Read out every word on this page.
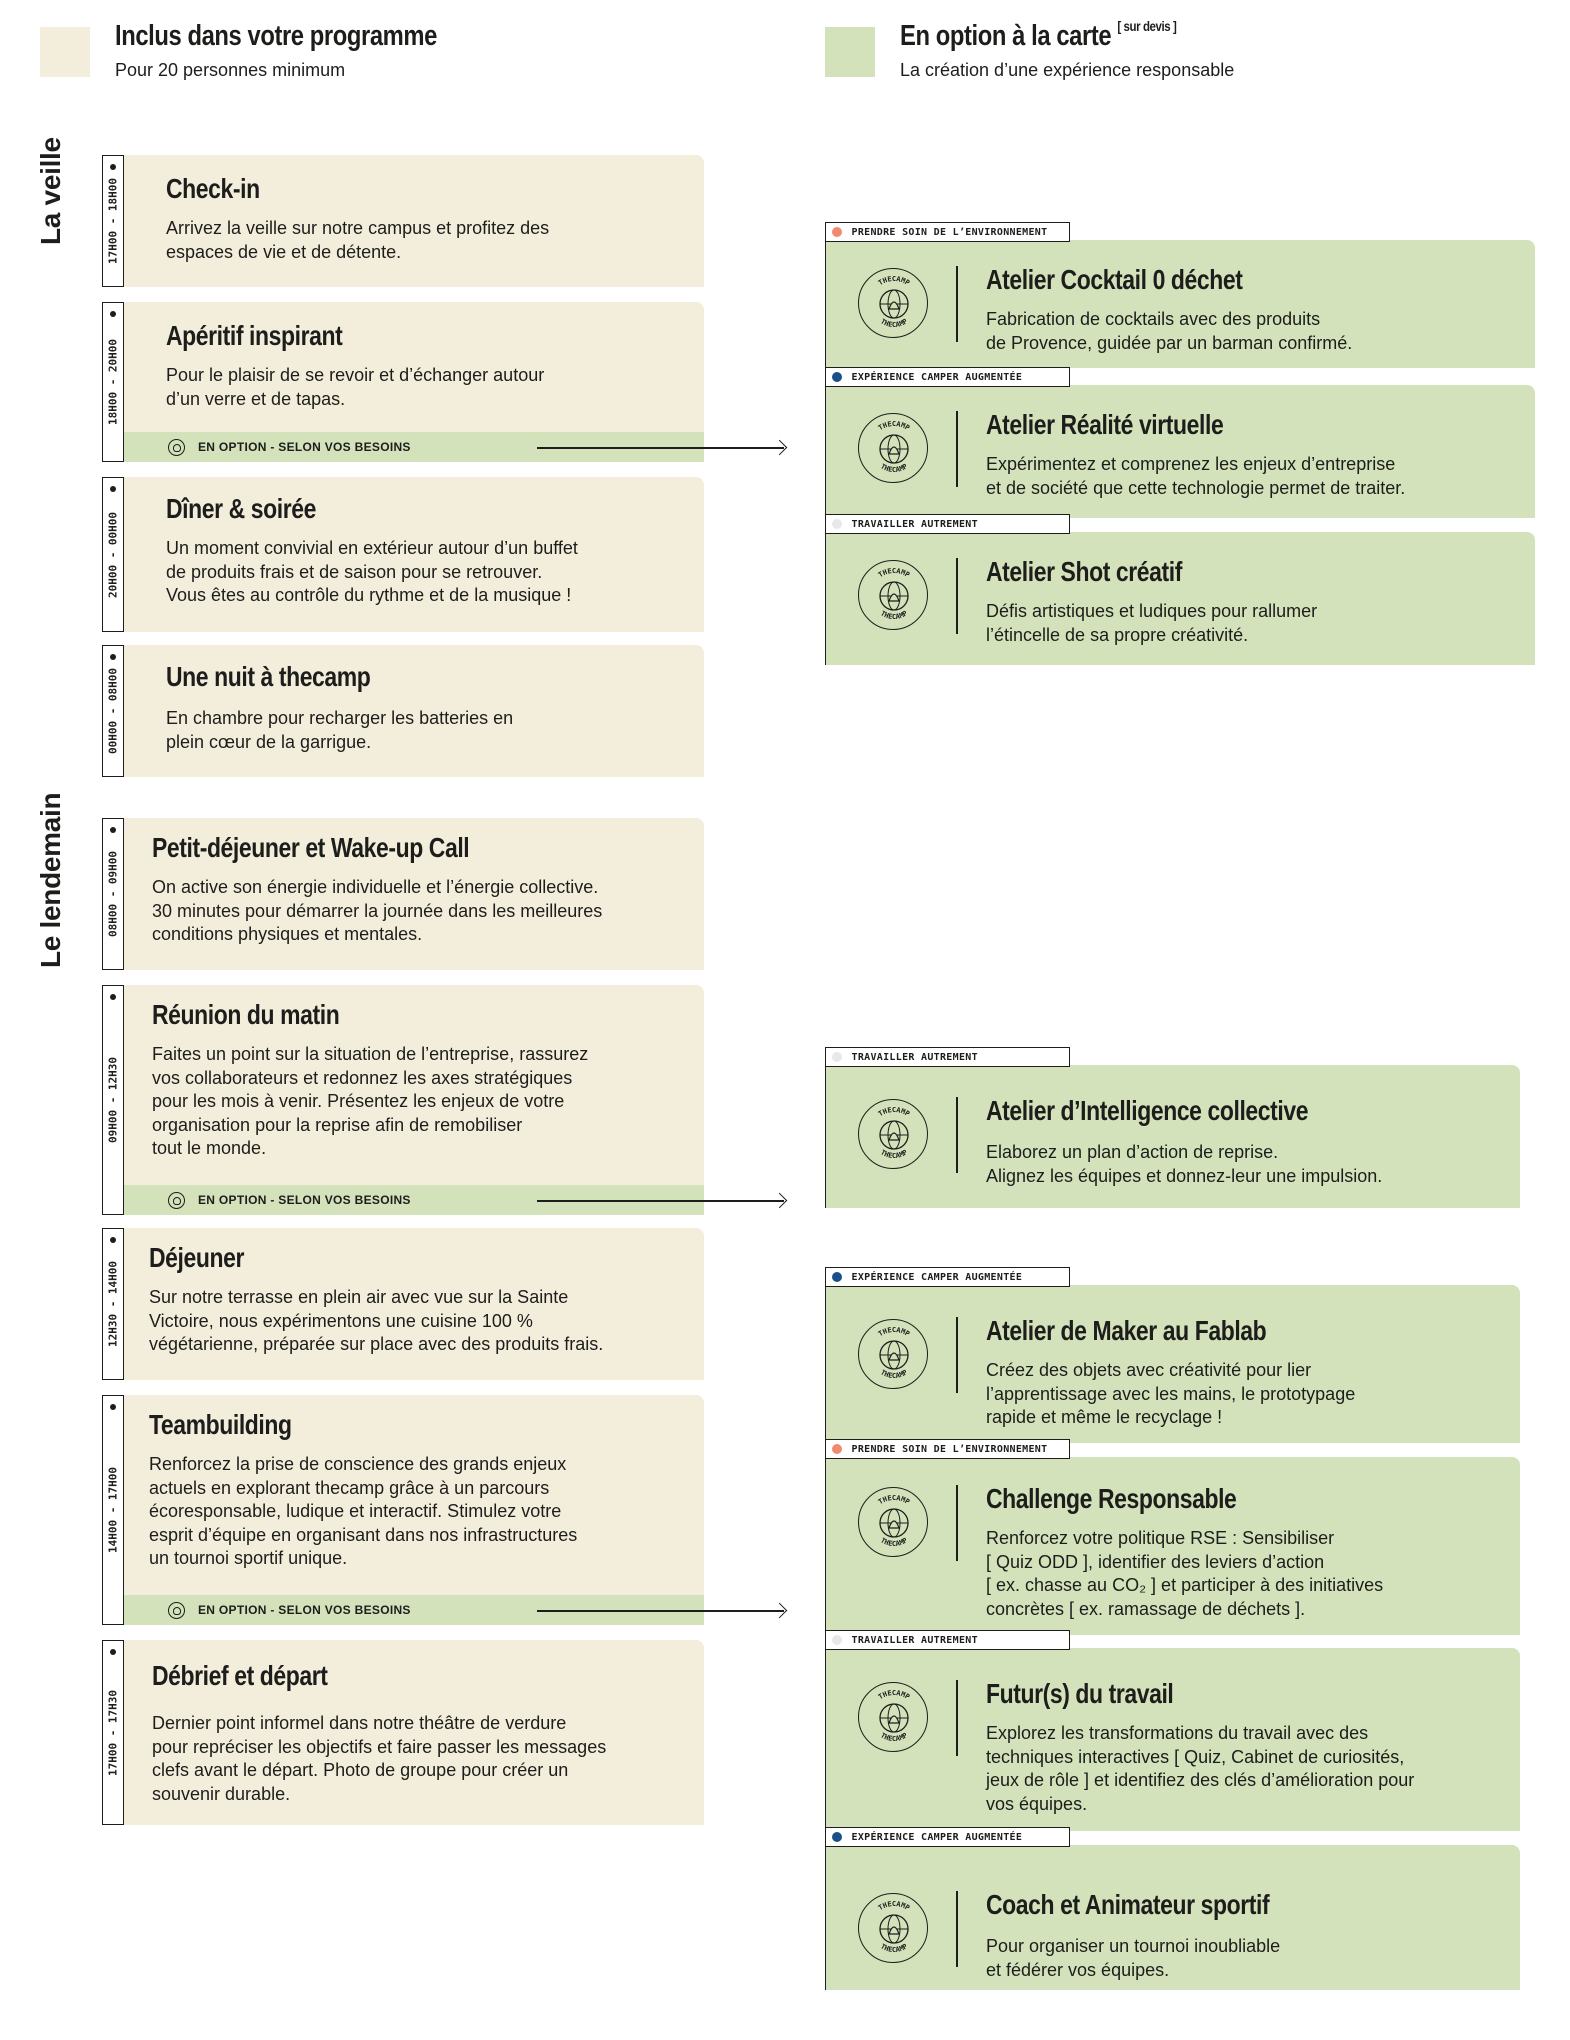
Inclus dans votre programme
Pour 20 personnes minimum
En option à la carte [ sur devis ]
La création d’une expérience responsable
La veille
Le lendemain
17H00 - 18H00 Check-in
Arrivez la veille sur notre campus et profitez des
espaces de vie et de détente.
18H00 - 20H00
Apéritif inspirant
Pour le plaisir de se revoir et d’échanger autour
d’un verre et de tapas.
EN OPTION - SELON VOS BESOINS
20H00 - 00H00
Dîner & soirée
Un moment convivial en extérieur autour d’un buffet
de produits frais et de saison pour se retrouver.
Vous êtes au contrôle du rythme et de la musique !
00H00 - 08H00 Une nuit à thecamp
En chambre pour recharger les batteries en
plein cœur de la garrigue.
08H00 - 09H00
Petit-déjeuner et Wake-up Call
On active son énergie individuelle et l’énergie collective.
30 minutes pour démarrer la journée dans les meilleures
conditions physiques et mentales.
09H00 - 12H30
Réunion du matin
Faites un point sur la situation de l’entreprise, rassurez
vos collaborateurs et redonnez les axes stratégiques
pour les mois à venir. Présentez les enjeux de votre
organisation pour la reprise afin de remobiliser
tout le monde.
EN OPTION - SELON VOS BESOINS
12H30 - 14H00
Déjeuner
Sur notre terrasse en plein air avec vue sur la Sainte
Victoire, nous expérimentons une cuisine 100 %
végétarienne, préparée sur place avec des produits frais.
14H00 - 17H00
Teambuilding
Renforcez la prise de conscience des grands enjeux
actuels en explorant thecamp grâce à un parcours
écoresponsable, ludique et interactif. Stimulez votre
esprit d’équipe en organisant dans nos infrastructures
un tournoi sportif unique.
EN OPTION - SELON VOS BESOINS
17H00 - 17H30
Débrief et départ
Dernier point informel dans notre théâtre de verdure
pour repréciser les objectifs et faire passer les messages
clefs avant le départ. Photo de groupe pour créer un
souvenir durable.
PRENDRE SOIN DE L’ENVIRONNEMENT
THECAMP
THECAMP
Atelier Cocktail 0 déchet
Fabrication de cocktails avec des produits
de Provence, guidée par un barman confirmé.
EXPÉRIENCE CAMPER AUGMENTÉE
THECAMP
THECAMP
Atelier Réalité virtuelle
Expérimentez et comprenez les enjeux d’entreprise
et de société que cette technologie permet de traiter.
TRAVAILLER AUTREMENT
THECAMP
THECAMP
Atelier Shot créatif
Défis artistiques et ludiques pour rallumer
l’étincelle de sa propre créativité.
TRAVAILLER AUTREMENT
THECAMP
THECAMP
Atelier d’Intelligence collective
Elaborez un plan d’action de reprise.
Alignez les équipes et donnez-leur une impulsion.
EXPÉRIENCE CAMPER AUGMENTÉE
THECAMP
THECAMP
Atelier de Maker au Fablab
Créez des objets avec créativité pour lier
l’apprentissage avec les mains, le prototypage
rapide et même le recyclage !
PRENDRE SOIN DE L’ENVIRONNEMENT
THECAMP
THECAMP
Challenge Responsable
Renforcez votre politique RSE : Sensibiliser
[ Quiz ODD ], identifier des leviers d’action
[ ex. chasse au CO₂ ] et participer à des initiatives
concrètes [ ex. ramassage de déchets ].
TRAVAILLER AUTREMENT
THECAMP
THECAMP
Futur(s) du travail
Explorez les transformations du travail avec des
techniques interactives [ Quiz, Cabinet de curiosités,
jeux de rôle ] et identifiez des clés d’amélioration pour
vos équipes.
EXPÉRIENCE CAMPER AUGMENTÉE
THECAMP
THECAMP
Coach et Animateur sportif
Pour organiser un tournoi inoubliable
et fédérer vos équipes.
